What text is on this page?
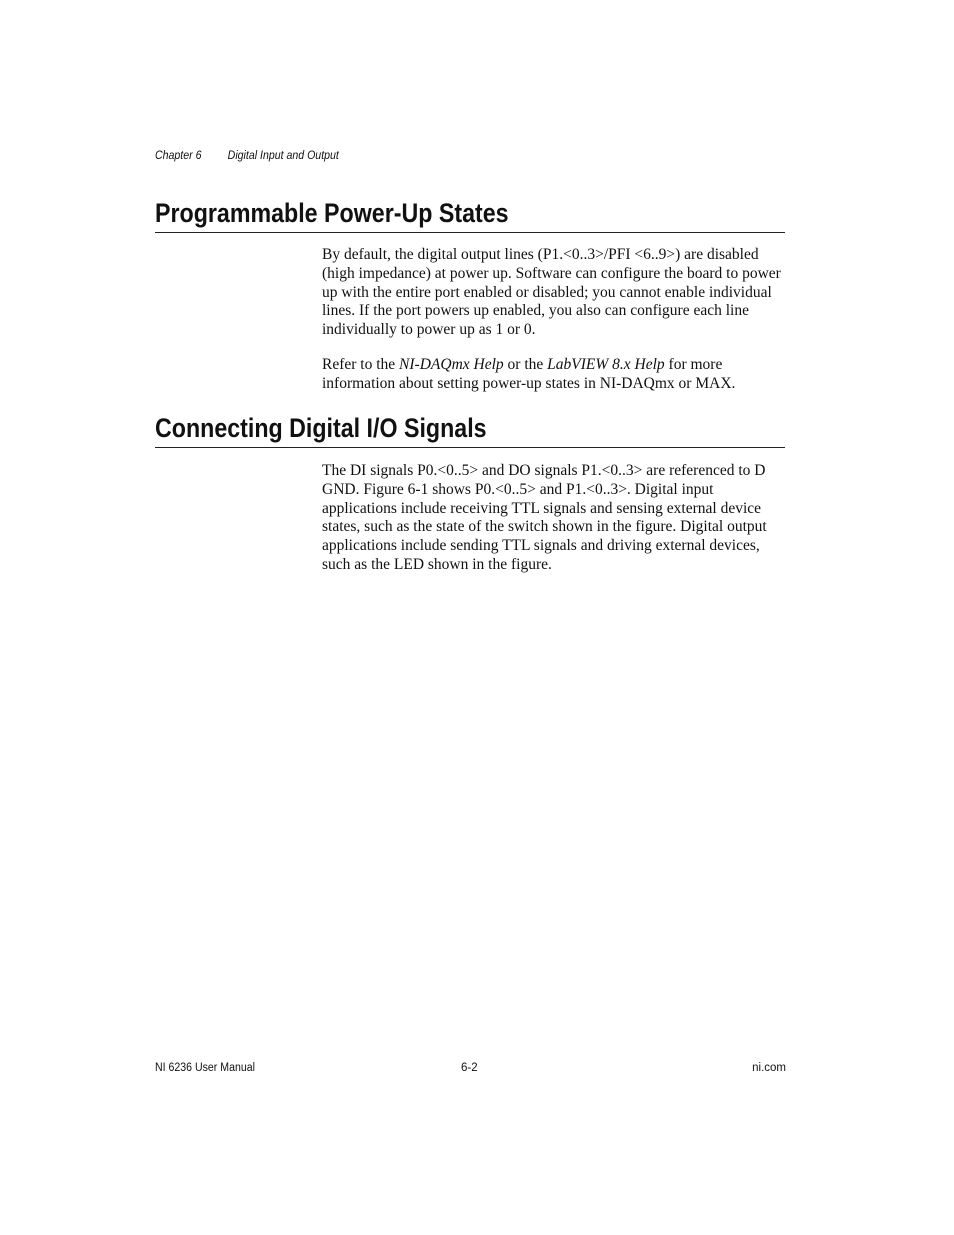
Chapter 6 Digital Input and Output
Programmable Power-Up States

By default, the digital output lines (P1.<0..3>/PFI <6..9>) are disabled (high impedance) at power up. Software can configure the board to power up with the entire port enabled or disabled; you cannot enable individual lines. If the port powers up enabled, you also can configure each line individually to power up as 1 or 0.

Refer to the NI-DAQmx Help or the LabVIEW 8.x Help for more information about setting power-up states in NI-DAQmx or MAX.

Connecting Digital I/O Signals

The DI signals P0.<0..5> and DO signals P1.<0..3> are referenced to D GND. Figure 6-1 shows P0.<0..5> and P1.<0..3>. Digital input applications include receiving TTL signals and sensing external device states, such as the state of the switch shown in the figure. Digital output applications include sending TTL signals and driving external devices, such as the LED shown in the figure.

NI 6236 User Manual	6-2	ni.com
